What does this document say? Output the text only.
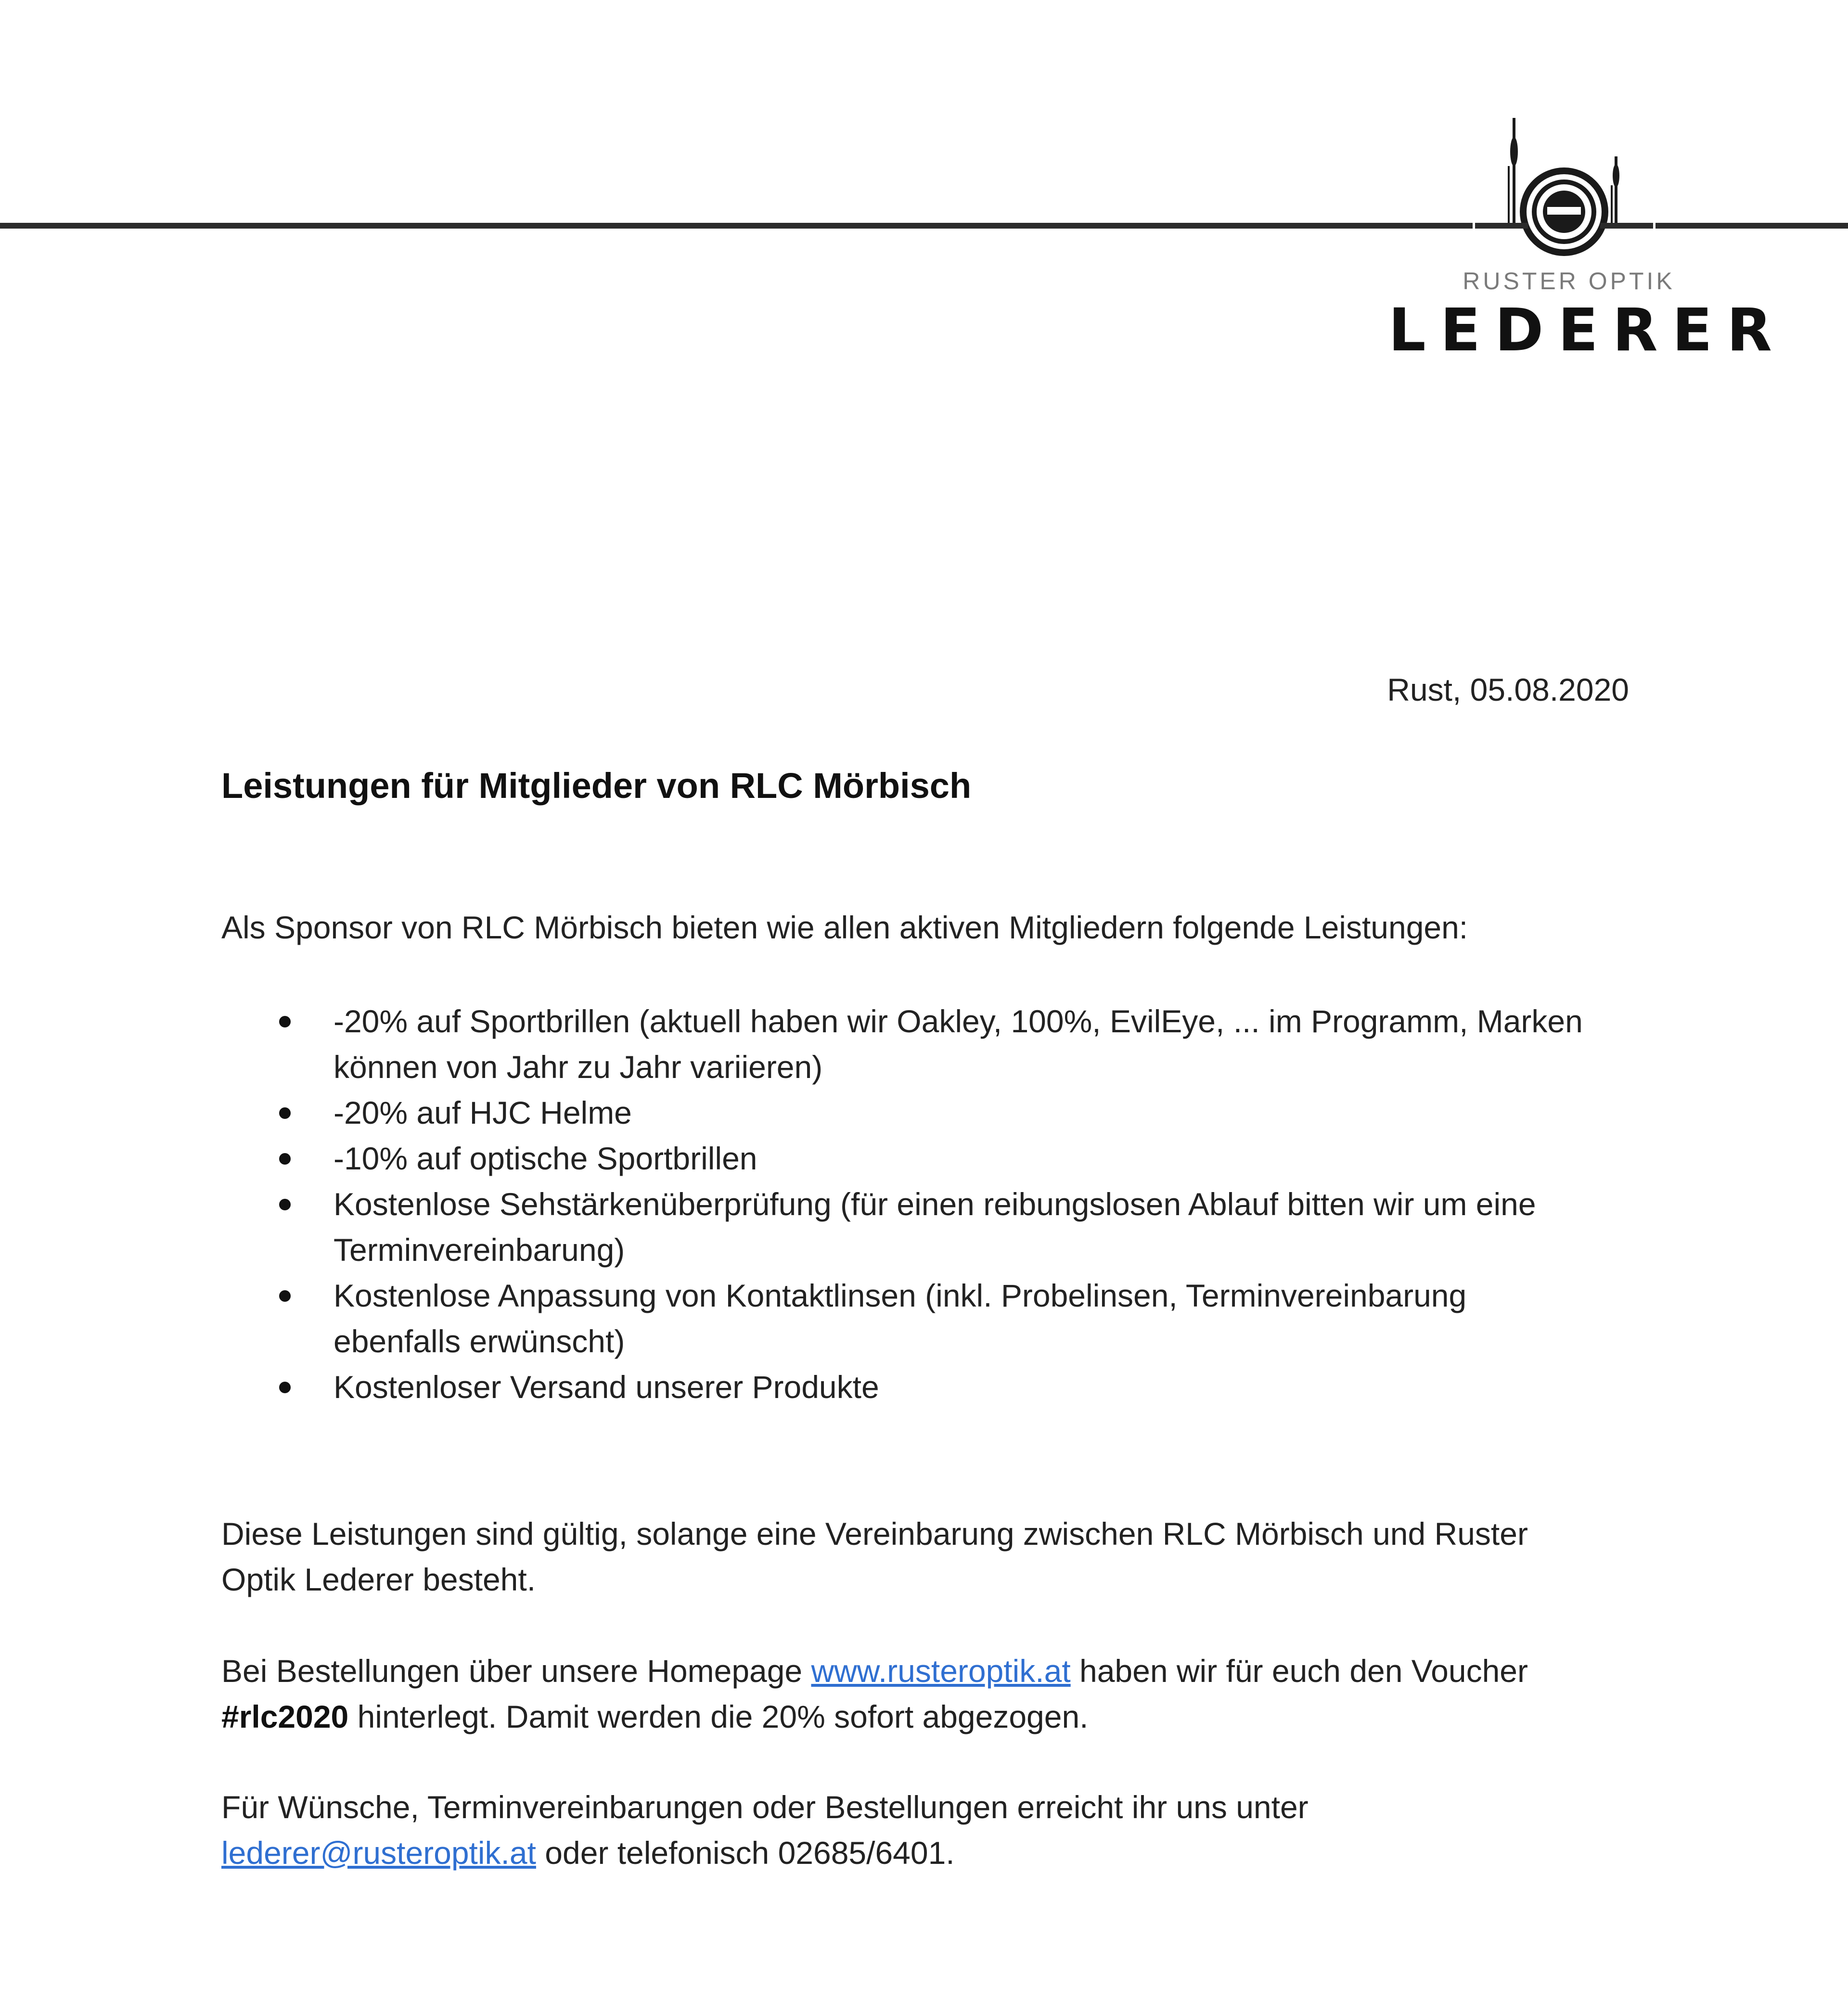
RUSTER OPTIK
LEDERER
Rust, 05.08.2020
Leistungen für Mitglieder von RLC Mörbisch
Als Sponsor von RLC Mörbisch bieten wie allen aktiven Mitgliedern folgende Leistungen:
-20% auf Sportbrillen (aktuell haben wir Oakley, 100%, EvilEye, ... im Programm, Marken können von Jahr zu Jahr variieren)
-20% auf HJC Helme
-10% auf optische Sportbrillen
Kostenlose Sehstärkenüberprüfung (für einen reibungslosen Ablauf bitten wir um eine Terminvereinbarung)
Kostenlose Anpassung von Kontaktlinsen (inkl. Probelinsen, Terminvereinbarung ebenfalls erwünscht)
Kostenloser Versand unserer Produkte
Diese Leistungen sind gültig, solange eine Vereinbarung zwischen RLC Mörbisch und Ruster Optik Lederer besteht.
Bei Bestellungen über unsere Homepage www.rusteroptik.at haben wir für euch den Voucher #rlc2020 hinterlegt. Damit werden die 20% sofort abgezogen.
Für Wünsche, Terminvereinbarungen oder Bestellungen erreicht ihr uns unter
lederer@rusteroptik.at oder telefonisch 02685/6401.
